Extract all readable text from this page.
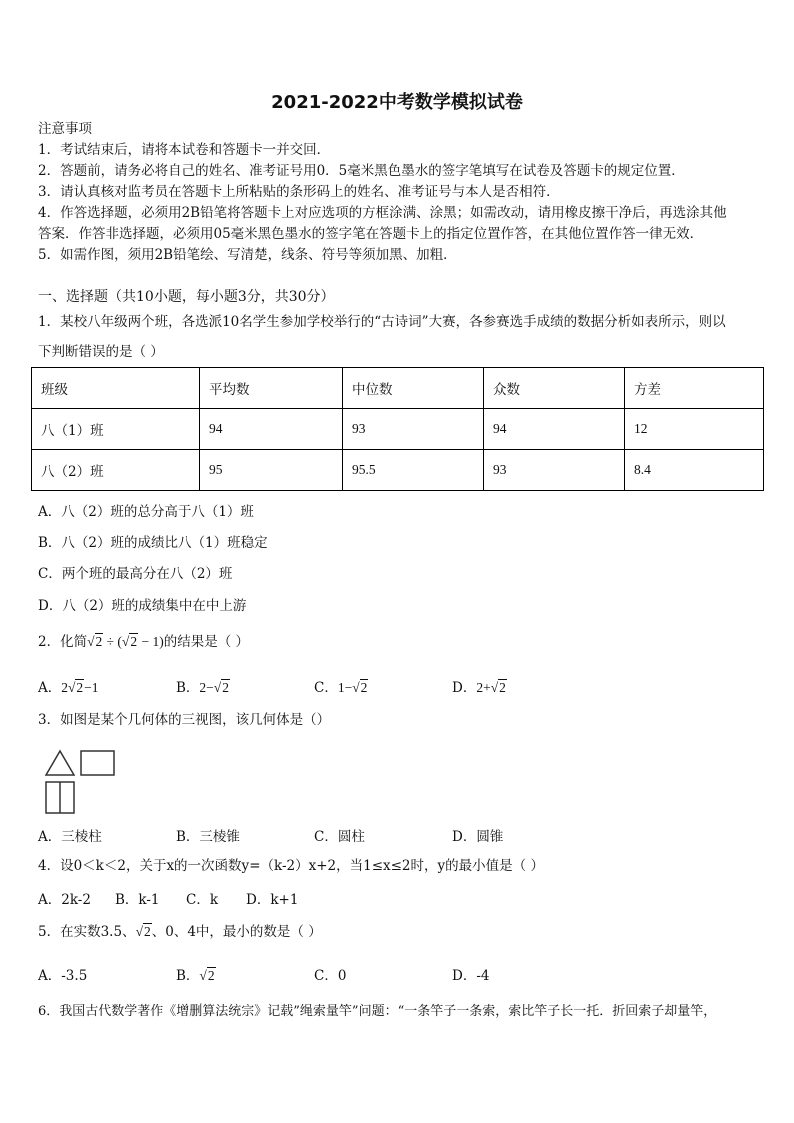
2021-2022中考数学模拟试卷
注意事项
1．考试结束后，请将本试卷和答题卡一并交回．
2．答题前，请务必将自己的姓名、准考证号用0．5毫米黑色墨水的签字笔填写在试卷及答题卡的规定位置．
3．请认真核对监考员在答题卡上所粘贴的条形码上的姓名、准考证号与本人是否相符．
4．作答选择题，必须用2B铅笔将答题卡上对应选项的方框涂满、涂黑；如需改动，请用橡皮擦干净后，再选涂其他
答案．作答非选择题，必须用05毫米黑色墨水的签字笔在答题卡上的指定位置作答，在其他位置作答一律无效．
5．如需作图，须用2B铅笔绘、写清楚，线条、符号等须加黑、加粗．
一、选择题（共10小题，每小题3分，共30分）
1．某校八年级两个班，各选派10名学生参加学校举行的“古诗词”大赛，各参赛选手成绩的数据分析如表所示，则以
下判断错误的是（ ）
班级	平均数	中位数	众数	方差
八（1）班	94	93	94	12
八（2）班	95	95.5	93	8.4
A．八（2）班的总分高于八（1）班
B．八（2）班的成绩比八（1）班稳定
C．两个班的最高分在八（2）班
D．八（2）班的成绩集中在中上游
2．化简√2 ÷ (√2 − 1)的结果是（ ）
A．2√2−1	B．2−√2	C．1−√2	D．2+√2
3．如图是某个几何体的三视图，该几何体是（）
A．三棱柱	B．三棱锥	C．圆柱	D．圆锥
4．设0＜k＜2，关于x的一次函数y=（k-2）x+2，当1≤x≤2时，y的最小值是（ ）
A．2k-2 B．k-1 C．k D．k+1
5．在实数3.5、√2、0、4中，最小的数是（ ）
A．-3.5	B．√2	C．0	D．-4
6．我国古代数学著作《增删算法统宗》记载”绳索量竿”问题：“一条竿子一条索，索比竿子长一托．折回索子却量竿，
